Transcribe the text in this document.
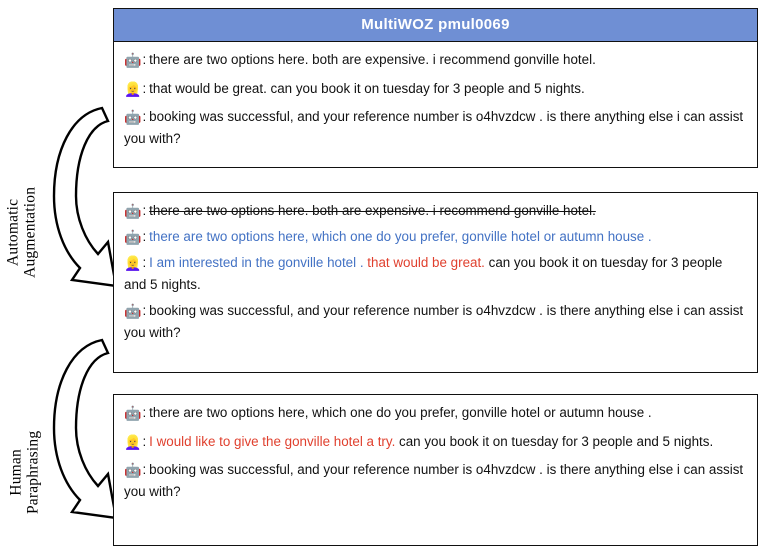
Automatic Augmentation
Human Paraphrasing
MultiWOZ pmul0069

🤖: there are two options here. both are expensive. i recommend gonville hotel.

👱‍♀️: that would be great. can you book it on tuesday for 3 people and 5 nights.

🤖: booking was successful, and your reference number is o4hvzdcw . is there anything else i can assist you with?

🤖: there are two options here. both are expensive. i recommend gonville hotel.

🤖: there are two options here, which one do you prefer, gonville hotel or autumn house .

👱‍♀️: I am interested in the gonville hotel . that would be great. can you book it on tuesday for 3 people and 5 nights.

🤖: booking was successful, and your reference number is o4hvzdcw . is there anything else i can assist you with?

🤖: there are two options here, which one do you prefer, gonville hotel or autumn house .

👱‍♀️: I would like to give the gonville hotel a try. can you book it on tuesday for 3 people and 5 nights.

🤖: booking was successful, and your reference number is o4hvzdcw . is there anything else i can assist you with?
